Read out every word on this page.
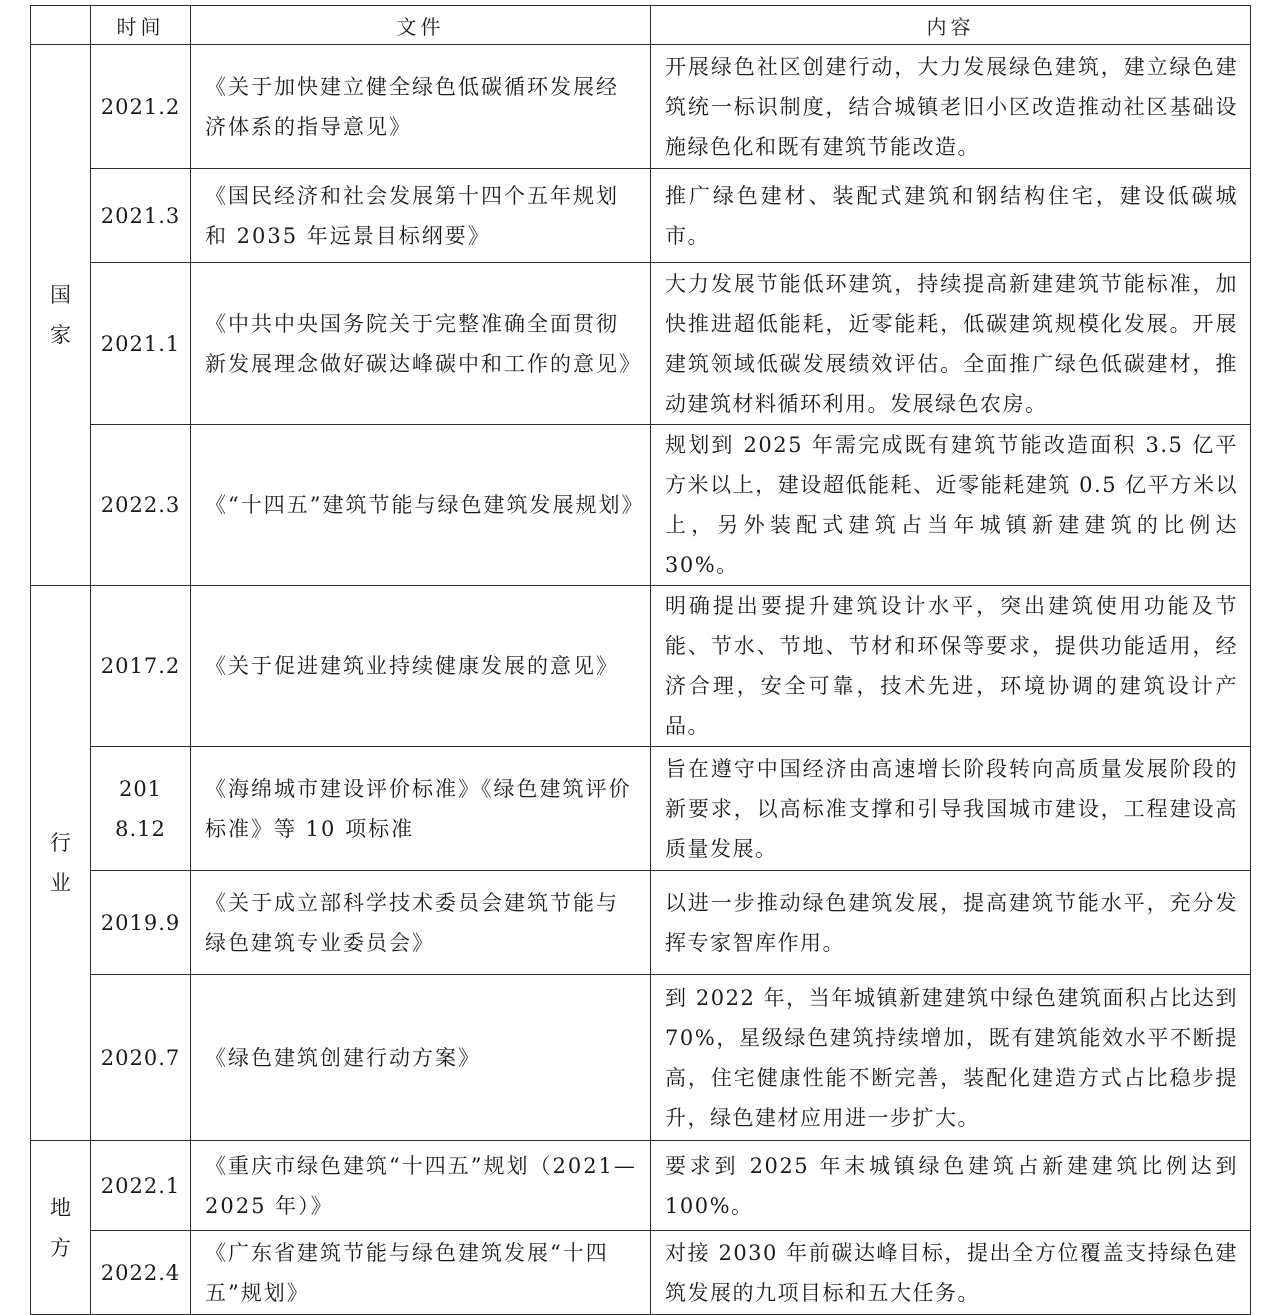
	时间	文件	内容

国
家	2021.2	《关于加快建立健全绿色低碳循环发展经济体系的指导意见》	开展绿色社区创建行动，大力发展绿色建筑，建立绿色建筑统一标识制度，结合城镇老旧小区改造推动社区基础设施绿色化和既有建筑节能改造。
	2021.3	《国民经济和社会发展第十四个五年规划和 2035 年远景目标纲要》	推广绿色建材、装配式建筑和钢结构住宅，建设低碳城市。
	2021.1	《中共中央国务院关于完整准确全面贯彻新发展理念做好碳达峰碳中和工作的意见》	大力发展节能低环建筑，持续提高新建建筑节能标准，加快推进超低能耗，近零能耗，低碳建筑规模化发展。开展建筑领域低碳发展绩效评估。全面推广绿色低碳建材，推动建筑材料循环利用。发展绿色农房。
	2022.3	《“十四五”建筑节能与绿色建筑发展规划》	规划到 2025 年需完成既有建筑节能改造面积 3.5 亿平方米以上，建设超低能耗、近零能耗建筑 0.5 亿平方米以上，另外装配式建筑占当年城镇新建建筑的比例达 30%。

行
业	2017.2	《关于促进建筑业持续健康发展的意见》	明确提出要提升建筑设计水平，突出建筑使用功能及节能、节水、节地、节材和环保等要求，提供功能适用，经济合理，安全可靠，技术先进，环境协调的建筑设计产品。
	2018.12	《海绵城市建设评价标准》《绿色建筑评价标准》等 10 项标准	旨在遵守中国经济由高速增长阶段转向高质量发展阶段的新要求，以高标准支撑和引导我国城市建设，工程建设高质量发展。
	2019.9	《关于成立部科学技术委员会建筑节能与绿色建筑专业委员会》	以进一步推动绿色建筑发展，提高建筑节能水平，充分发挥专家智库作用。
	2020.7	《绿色建筑创建行动方案》	到 2022 年，当年城镇新建建筑中绿色建筑面积占比达到 70%，星级绿色建筑持续增加，既有建筑能效水平不断提高，住宅健康性能不断完善，装配化建造方式占比稳步提升，绿色建材应用进一步扩大。

地
方	2022.1	《重庆市绿色建筑“十四五”规划（2021—2025 年）》	要求到 2025 年末城镇绿色建筑占新建建筑比例达到 100%。
	2022.4	《广东省建筑节能与绿色建筑发展“十四五”规划》	对接 2030 年前碳达峰目标，提出全方位覆盖支持绿色建筑发展的九项目标和五大任务。
